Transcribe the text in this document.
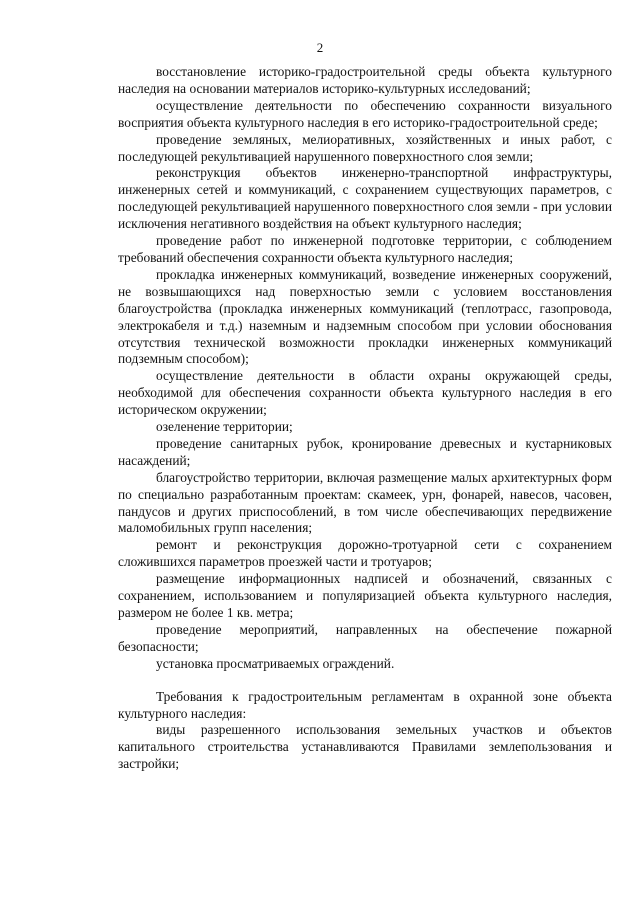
2

восстановление историко-градостроительной среды объекта культурного наследия на основании материалов историко-культурных исследований;

осуществление деятельности по обеспечению сохранности визуального восприятия объекта культурного наследия в его историко-градостроительной среде;

проведение земляных, мелиоративных, хозяйственных и иных работ, с последующей рекультивацией нарушенного поверхностного слоя земли;

реконструкция объектов инженерно-транспортной инфраструктуры, инженерных сетей и коммуникаций, с сохранением существующих параметров, с последующей рекультивацией нарушенного поверхностного слоя земли - при условии исключения негативного воздействия на объект культурного наследия;

проведение работ по инженерной подготовке территории, с соблюдением требований обеспечения сохранности объекта культурного наследия;

прокладка инженерных коммуникаций, возведение инженерных сооружений, не возвышающихся над поверхностью земли с условием восстановления благоустройства (прокладка инженерных коммуникаций (теплотрасс, газопровода, электрокабеля и т.д.) наземным и надземным способом при условии обоснования отсутствия технической возможности прокладки инженерных коммуникаций подземным способом);

осуществление деятельности в области охраны окружающей среды, необходимой для обеспечения сохранности объекта культурного наследия в его историческом окружении;

озеленение территории;

проведение санитарных рубок, кронирование древесных и кустарниковых насаждений;

благоустройство территории, включая размещение малых архитектурных форм по специально разработанным проектам: скамеек, урн, фонарей, навесов, часовен, пандусов и других приспособлений, в том числе обеспечивающих передвижение маломобильных групп населения;

ремонт и реконструкция дорожно-тротуарной сети с сохранением сложившихся параметров проезжей части и тротуаров;

размещение информационных надписей и обозначений, связанных с сохранением, использованием и популяризацией объекта культурного наследия, размером не более 1 кв. метра;

проведение мероприятий, направленных на обеспечение пожарной безопасности;

установка просматриваемых ограждений.

Требования к градостроительным регламентам в охранной зоне объекта культурного наследия:

виды разрешенного использования земельных участков и объектов капитального строительства устанавливаются Правилами землепользования и застройки;
